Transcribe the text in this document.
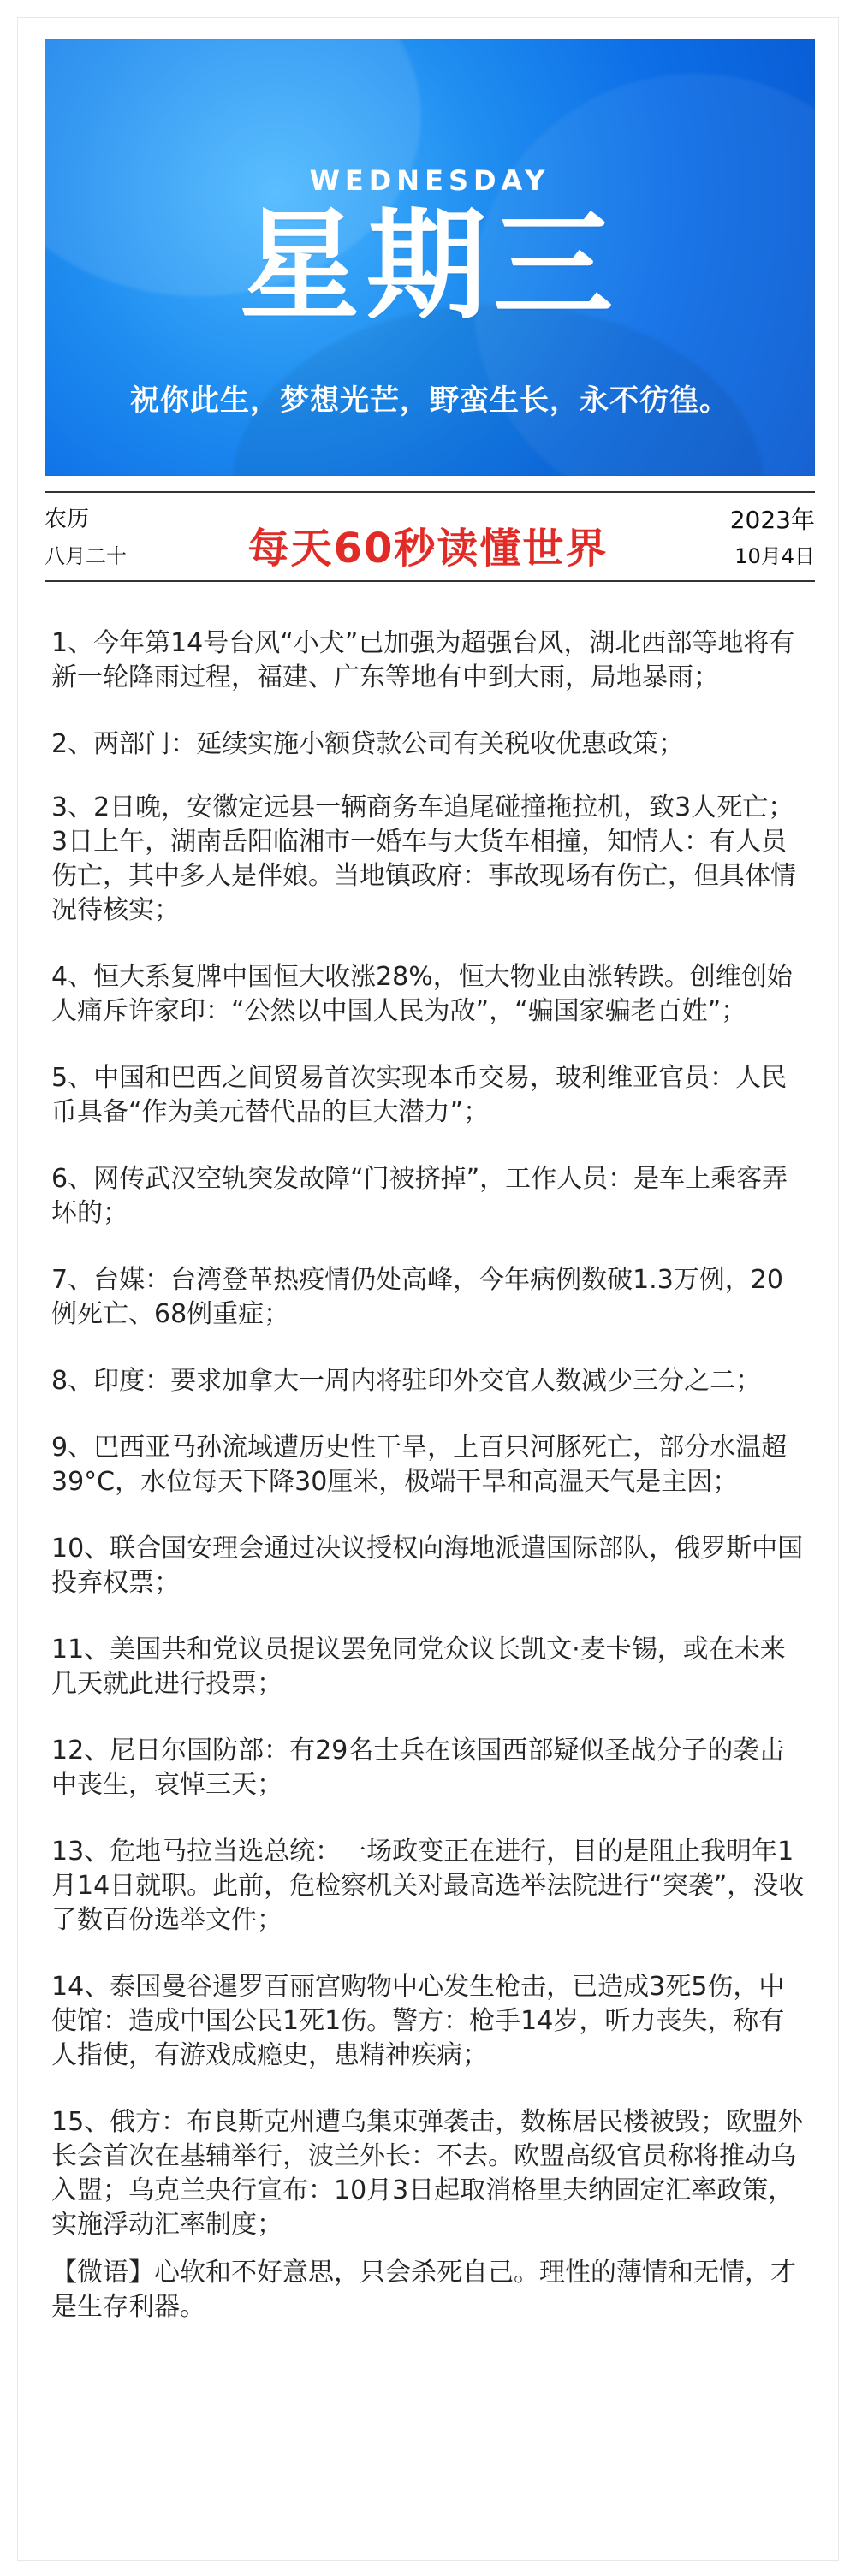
WEDNESDAY
星期三
祝你此生，梦想光芒，野蛮生长，永不彷徨。
农历
八月二十	每天60秒读懂世界
2023年
10月4日
1、今年第14号台风“小犬”已加强为超强台风，湖北西部等地将有新一轮降雨过程，福建、广东等地有中到大雨，局地暴雨；
2、两部门：延续实施小额贷款公司有关税收优惠政策；
3、2日晚，安徽定远县一辆商务车追尾碰撞拖拉机，致3人死亡；3日上午，湖南岳阳临湘市一婚车与大货车相撞，知情人：有人员伤亡，其中多人是伴娘。当地镇政府：事故现场有伤亡，但具体情况待核实；
4、恒大系复牌中国恒大收涨28%，恒大物业由涨转跌。创维创始人痛斥许家印：“公然以中国人民为敌”，“骗国家骗老百姓”；
5、中国和巴西之间贸易首次实现本币交易，玻利维亚官员：人民币具备“作为美元替代品的巨大潜力”；
6、网传武汉空轨突发故障“门被挤掉”，工作人员：是车上乘客弄坏的；
7、台媒：台湾登革热疫情仍处高峰，今年病例数破1.3万例，20例死亡、68例重症；
8、印度：要求加拿大一周内将驻印外交官人数减少三分之二；
9、巴西亚马孙流域遭历史性干旱，上百只河豚死亡，部分水温超39°C，水位每天下降30厘米，极端干旱和高温天气是主因；
10、联合国安理会通过决议授权向海地派遣国际部队，俄罗斯中国投弃权票；
11、美国共和党议员提议罢免同党众议长凯文·麦卡锡，或在未来几天就此进行投票；
12、尼日尔国防部：有29名士兵在该国西部疑似圣战分子的袭击中丧生，哀悼三天；
13、危地马拉当选总统：一场政变正在进行，目的是阻止我明年1月14日就职。此前，危检察机关对最高选举法院进行“突袭”，没收了数百份选举文件；
14、泰国曼谷暹罗百丽宫购物中心发生枪击，已造成3死5伤，中使馆：造成中国公民1死1伤。警方：枪手14岁，听力丧失，称有人指使，有游戏成瘾史，患精神疾病；
15、俄方：布良斯克州遭乌集束弹袭击，数栋居民楼被毁；欧盟外长会首次在基辅举行，波兰外长：不去。欧盟高级官员称将推动乌入盟；乌克兰央行宣布：10月3日起取消格里夫纳固定汇率政策，实施浮动汇率制度；
【微语】心软和不好意思，只会杀死自己。理性的薄情和无情，才是生存利器。
